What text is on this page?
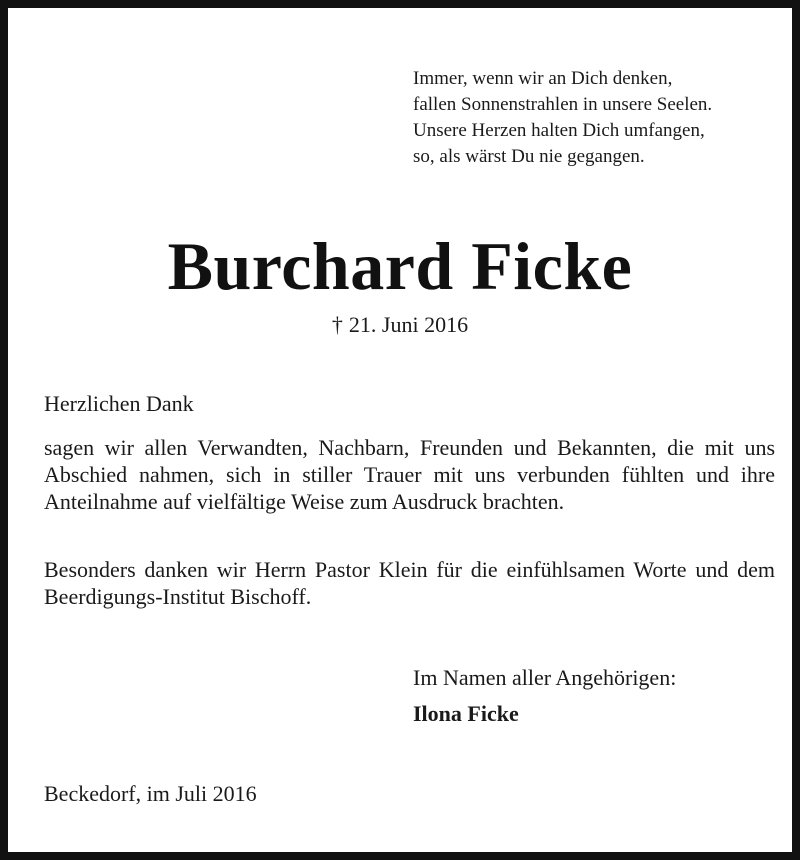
Immer, wenn wir an Dich denken,
fallen Sonnenstrahlen in unsere Seelen.
Unsere Herzen halten Dich umfangen,
so, als wärst Du nie gegangen.
Burchard Ficke
† 21. Juni 2016
Herzlichen Dank
sagen wir allen Verwandten, Nachbarn, Freunden und Bekannten, die mit uns Abschied nahmen, sich in stiller Trauer mit uns verbunden fühlten und ihre Anteilnahme auf vielfältige Weise zum Ausdruck brachten.
Besonders danken wir Herrn Pastor Klein für die einfühlsamen Worte und dem Beerdigungs-Institut Bischoff.
Im Namen aller Angehörigen:
Ilona Ficke
Beckedorf, im Juli 2016
